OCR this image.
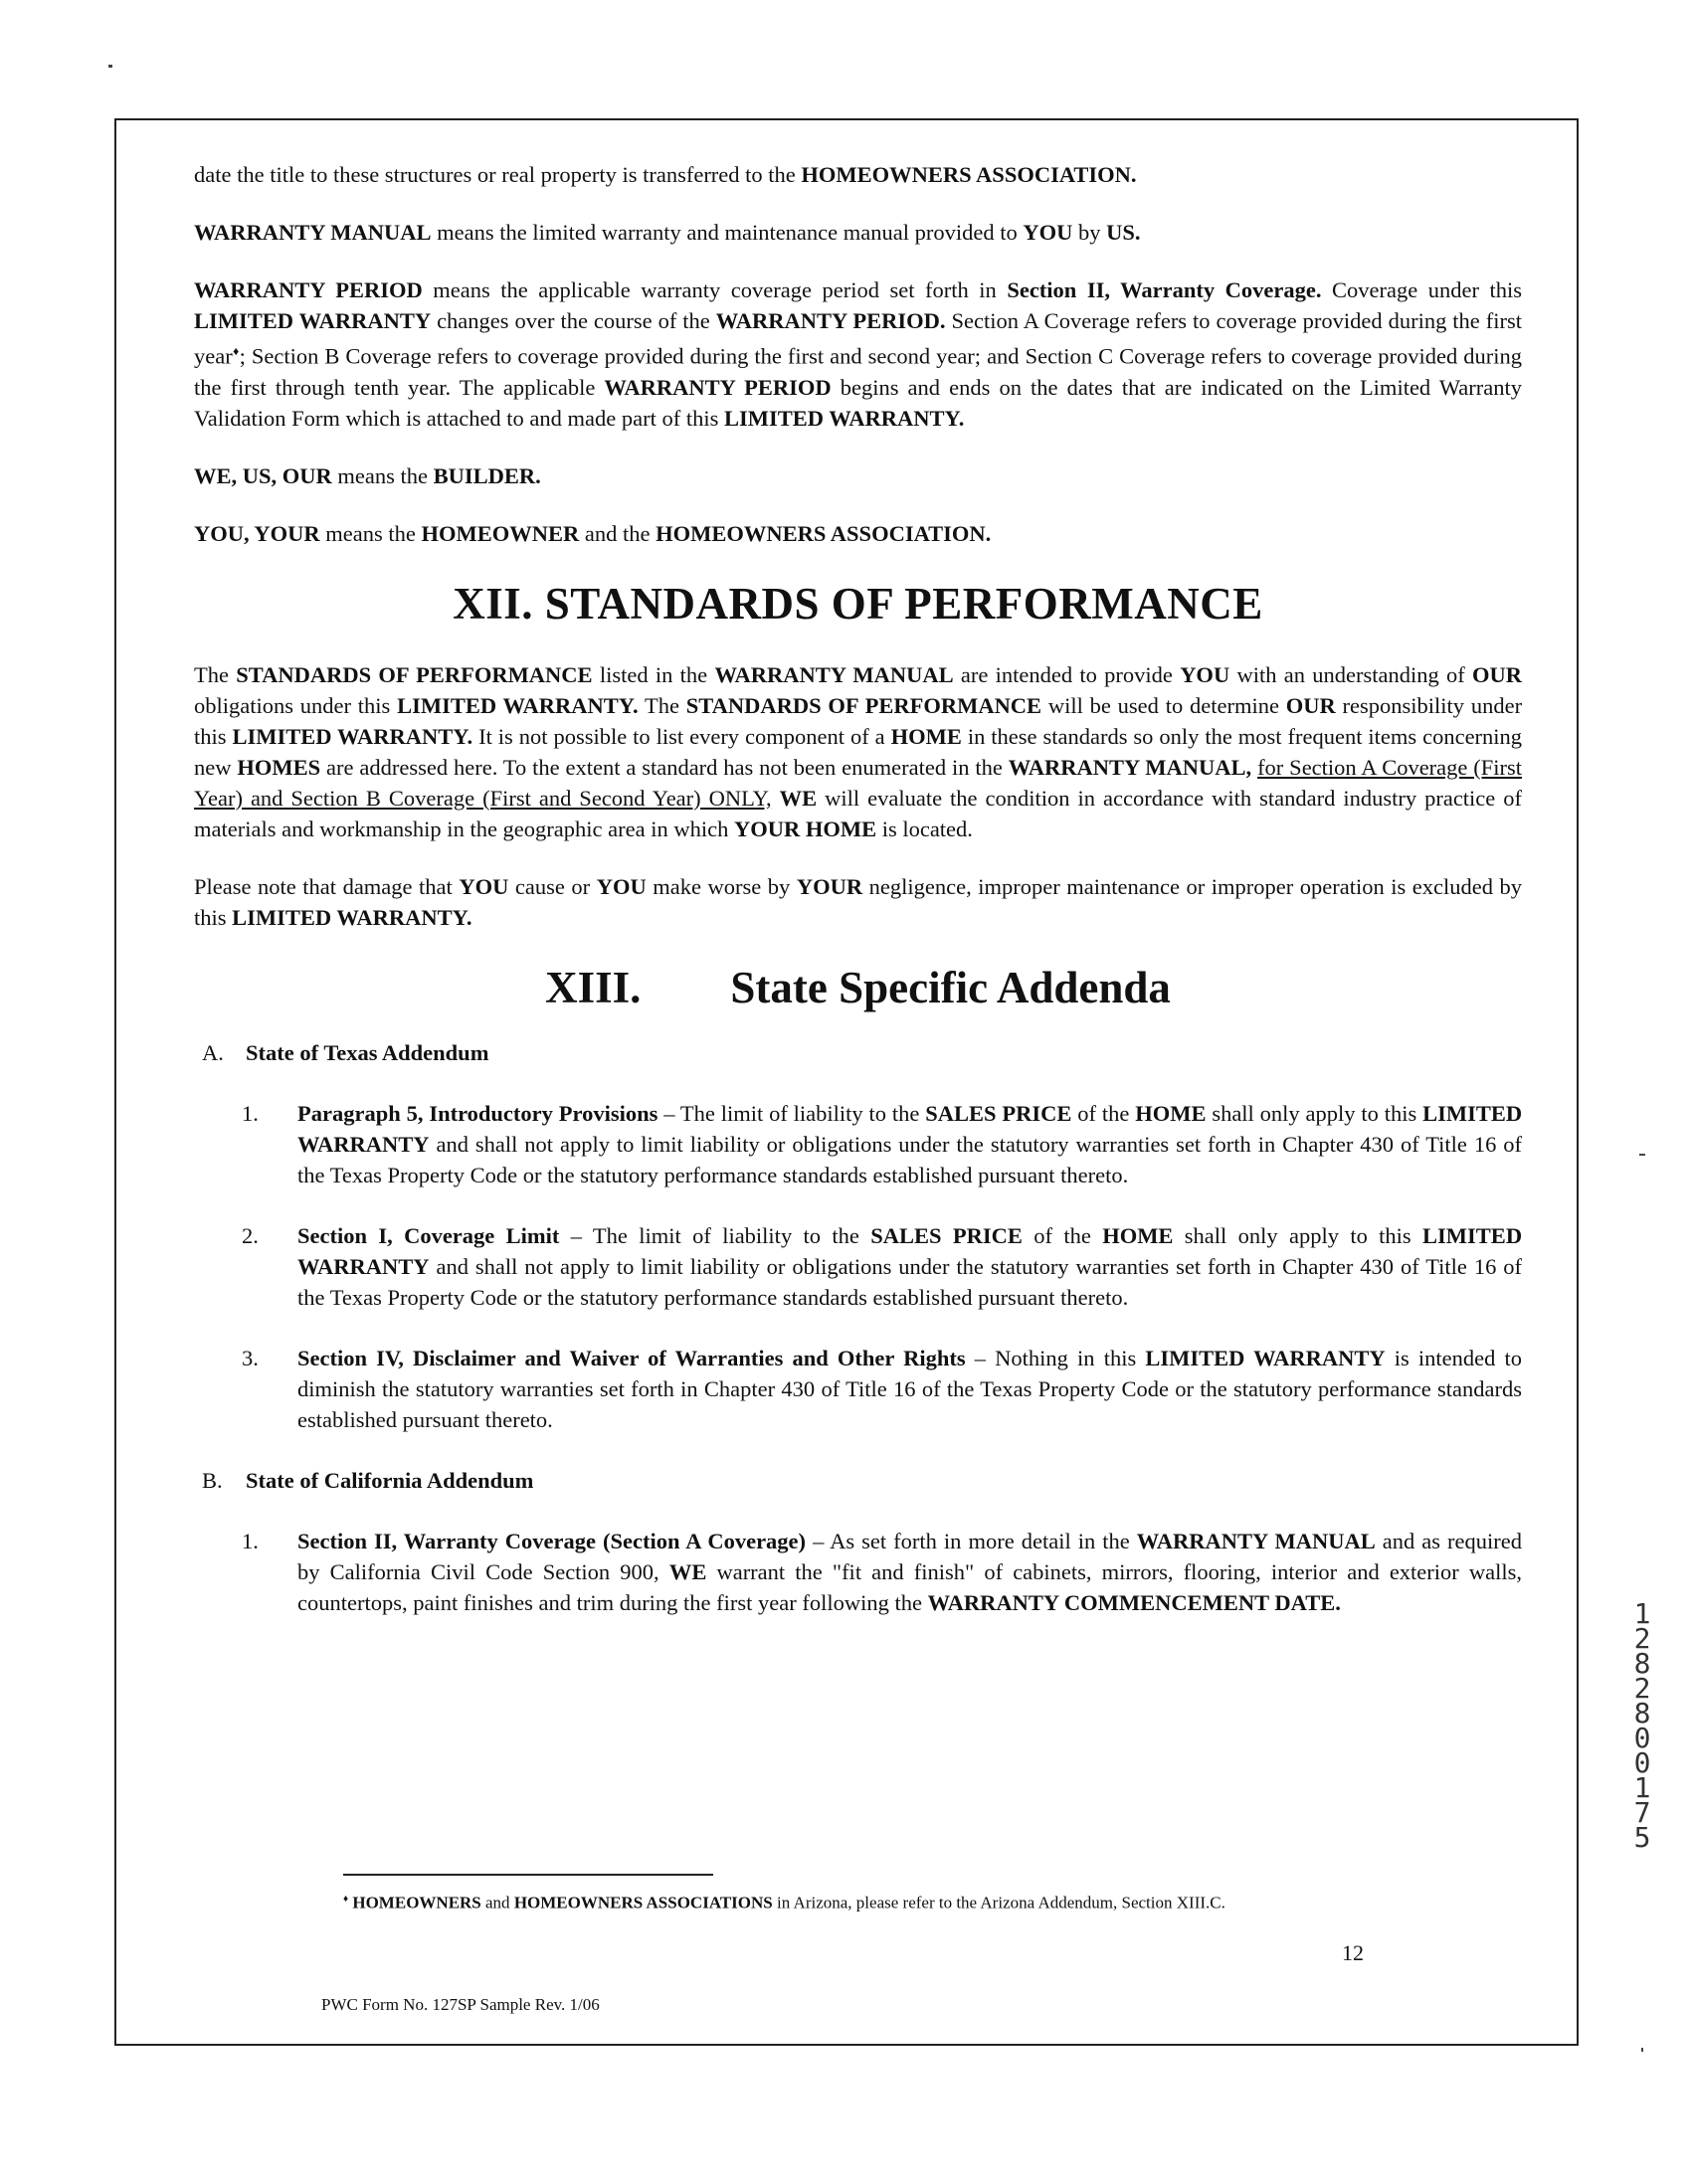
date the title to these structures or real property is transferred to the HOMEOWNERS ASSOCIATION.

WARRANTY MANUAL means the limited warranty and maintenance manual provided to YOU by US.

WARRANTY PERIOD means the applicable warranty coverage period set forth in Section II, Warranty Coverage. Coverage under this LIMITED WARRANTY changes over the course of the WARRANTY PERIOD. Section A Coverage refers to coverage provided during the first year♦; Section B Coverage refers to coverage provided during the first and second year; and Section C Coverage refers to coverage provided during the first through tenth year. The applicable WARRANTY PERIOD begins and ends on the dates that are indicated on the Limited Warranty Validation Form which is attached to and made part of this LIMITED WARRANTY.

WE, US, OUR means the BUILDER.

YOU, YOUR means the HOMEOWNER and the HOMEOWNERS ASSOCIATION.

XII. STANDARDS OF PERFORMANCE

The STANDARDS OF PERFORMANCE listed in the WARRANTY MANUAL are intended to provide YOU with an understanding of OUR obligations under this LIMITED WARRANTY. The STANDARDS OF PERFORMANCE will be used to determine OUR responsibility under this LIMITED WARRANTY. It is not possible to list every component of a HOME in these standards so only the most frequent items concerning new HOMES are addressed here. To the extent a standard has not been enumerated in the WARRANTY MANUAL, for Section A Coverage (First Year) and Section B Coverage (First and Second Year) ONLY, WE will evaluate the condition in accordance with standard industry practice of materials and workmanship in the geographic area in which YOUR HOME is located.

Please note that damage that YOU cause or YOU make worse by YOUR negligence, improper maintenance or improper operation is excluded by this LIMITED WARRANTY.

XIII. State Specific Addenda
A. State of Texas Addendum
1.	Paragraph 5, Introductory Provisions – The limit of liability to the SALES PRICE of the HOME shall only apply to this LIMITED WARRANTY and shall not apply to limit liability or obligations under the statutory warranties set forth in Chapter 430 of Title 16 of the Texas Property Code or the statutory performance standards established pursuant thereto.
2.	Section I, Coverage Limit – The limit of liability to the SALES PRICE of the HOME shall only apply to this LIMITED WARRANTY and shall not apply to limit liability or obligations under the statutory warranties set forth in Chapter 430 of Title 16 of the Texas Property Code or the statutory performance standards established pursuant thereto.
3.	Section IV, Disclaimer and Waiver of Warranties and Other Rights – Nothing in this LIMITED WARRANTY is intended to diminish the statutory warranties set forth in Chapter 430 of Title 16 of the Texas Property Code or the statutory performance standards established pursuant thereto.
B.	State of California Addendum
1.	Section II, Warranty Coverage (Section A Coverage) – As set forth in more detail in the WARRANTY MANUAL and as required by California Civil Code Section 900, WE warrant the "fit and finish" of cabinets, mirrors, flooring, interior and exterior walls, countertops, paint finishes and trim during the first year following the WARRANTY COMMENCEMENT DATE.
♦ HOMEOWNERS and HOMEOWNERS ASSOCIATIONS in Arizona, please refer to the Arizona Addendum, Section XIII.C.
12
PWC Form No. 127SP Sample Rev. 1/06
1
2
8
2
8
0
0
1
7
5
